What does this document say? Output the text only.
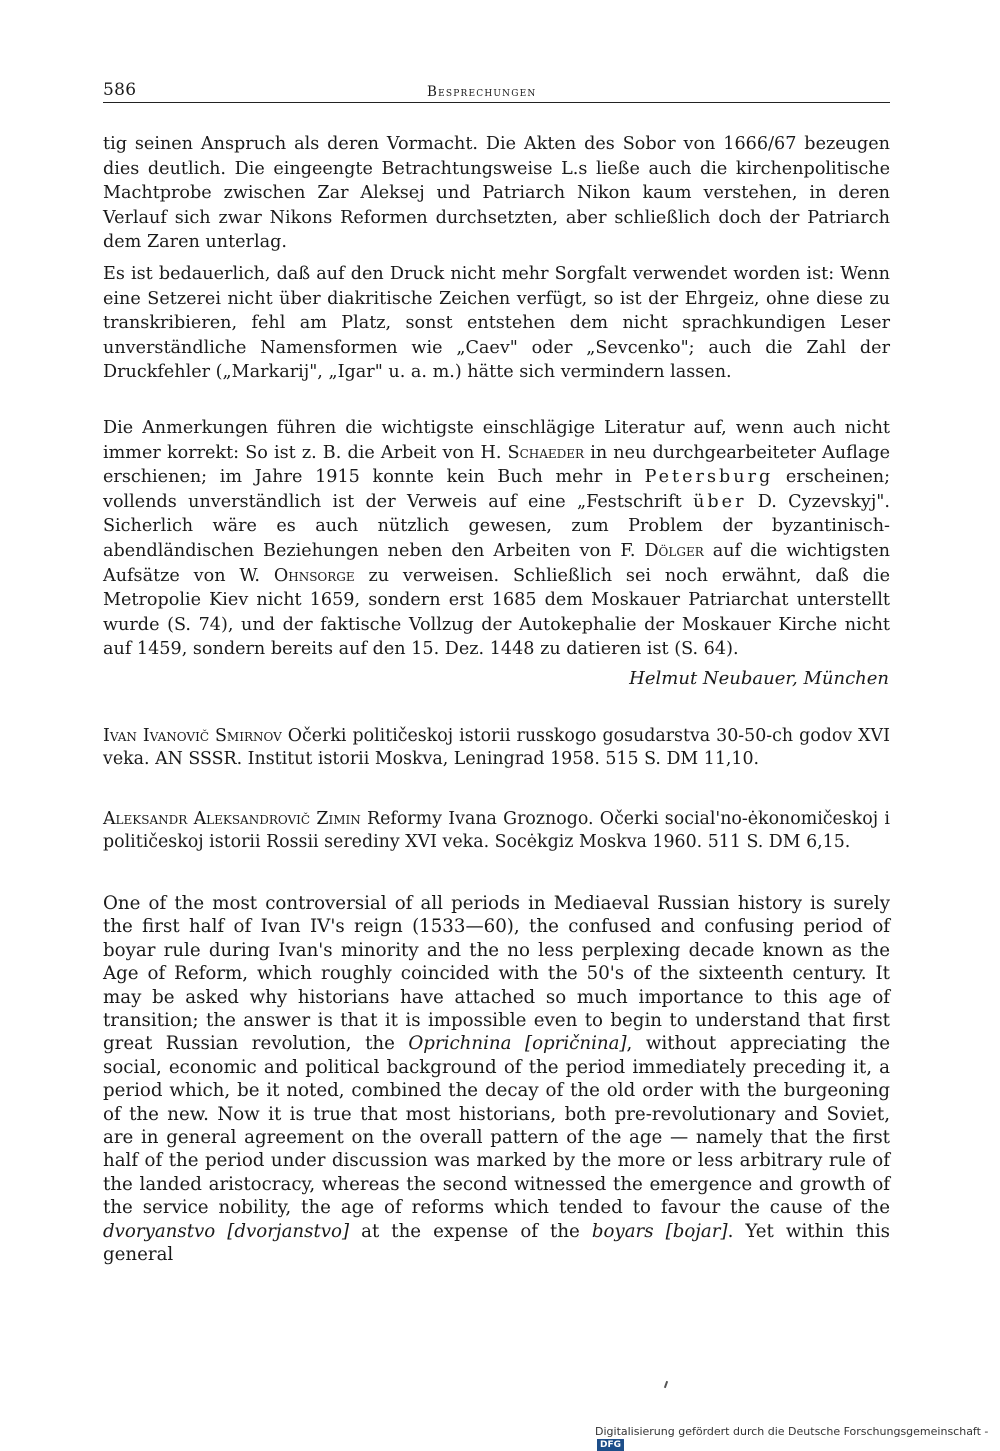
586	Besprechungen

tig seinen Anspruch als deren Vormacht. Die Akten des Sobor von 1666/67 bezeugen dies deutlich. Die eingeengte Betrachtungsweise L.s ließe auch die kirchenpolitische Machtprobe zwischen Zar Aleksej und Patriarch Nikon kaum verstehen, in deren Verlauf sich zwar Nikons Reformen durchsetzten, aber schließlich doch der Patriarch dem Zaren unterlag.

Es ist bedauerlich, daß auf den Druck nicht mehr Sorgfalt verwendet worden ist: Wenn eine Setzerei nicht über diakritische Zeichen verfügt, so ist der Ehrgeiz, ohne diese zu transkribieren, fehl am Platz, sonst entstehen dem nicht sprachkundigen Leser unverständliche Namensformen wie „Caev" oder „Sevcenko"; auch die Zahl der Druckfehler („Markarij", „Igar" u. a. m.) hätte sich vermindern lassen.

Die Anmerkungen führen die wichtigste einschlägige Literatur auf, wenn auch nicht immer korrekt: So ist z. B. die Arbeit von H. Schaeder in neu durchgearbeiteter Auflage erschienen; im Jahre 1915 konnte kein Buch mehr in Petersburg erscheinen; vollends unverständlich ist der Verweis auf eine „Festschrift über D. Cyzevskyj". Sicherlich wäre es auch nützlich gewesen, zum Problem der byzantinisch-abendländischen Beziehungen neben den Arbeiten von F. Dölger auf die wichtigsten Aufsätze von W. Ohnsorge zu verweisen. Schließlich sei noch erwähnt, daß die Metropolie Kiev nicht 1659, sondern erst 1685 dem Moskauer Patriarchat unterstellt wurde (S. 74), und der faktische Vollzug der Autokephalie der Moskauer Kirche nicht auf 1459, sondern bereits auf den 15. Dez. 1448 zu datieren ist (S. 64).

Helmut Neubauer, München

Ivan Ivanovič Smirnov Očerki političeskoj istorii russkogo gosudarstva 30-50-ch godov XVI veka. AN SSSR. Institut istorii Moskva, Leningrad 1958. 515 S. DM 11,10.

Aleksandr Aleksandrovič Zimin Reformy Ivana Groznogo. Očerki social'no-ėkonomičeskoj i političeskoj istorii Rossii serediny XVI veka. Socėkgiz Moskva 1960. 511 S. DM 6,15.

One of the most controversial of all periods in Mediaeval Russian history is surely the first half of Ivan IV's reign (1533—60), the confused and confusing period of boyar rule during Ivan's minority and the no less perplexing decade known as the Age of Reform, which roughly coincided with the 50's of the sixteenth century. It may be asked why historians have attached so much importance to this age of transition; the answer is that it is impossible even to begin to understand that first great Russian revolution, the Oprichnina [opričnina], without appreciating the social, economic and political background of the period immediately preceding it, a period which, be it noted, combined the decay of the old order with the burgeoning of the new. Now it is true that most historians, both pre-revolutionary and Soviet, are in general agreement on the overall pattern of the age — namely that the first half of the period under discussion was marked by the more or less arbitrary rule of the landed aristocracy, whereas the second witnessed the emergence and growth of the service nobility, the age of reforms which tended to favour the cause of the dvoryanstvo [dvorjanstvo] at the expense of the boyars [bojar]. Yet within this general

Digitalisierung gefördert durch die Deutsche Forschungsgemeinschaft -DFG
